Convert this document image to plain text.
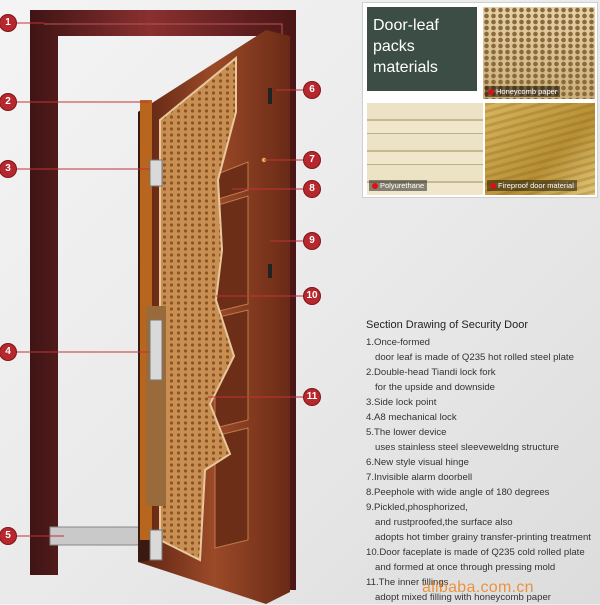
1
2
3
4
5
6
7
8
9
10
11
Door-leaf packs
materials
Honeycomb paper
Polyurethane	Fireproof door material
Section Drawing of Security Door
1.Once-formed
door leaf is made of Q235 hot rolled steel plate
2.Double-head Tiandi lock fork
for the upside and downside
3.Side lock point
4.A8 mechanical lock
5.The lower device
uses stainless steel sleeveweldng structure
6.New style visual hinge
7.Invisible alarm doorbell
8.Peephole with wide angle of 180 degrees
9.Pickled,phosphorized,
and rustproofed,the surface also
adopts hot timber grainy transfer-printing treatment
10.Door faceplate is made of Q235 cold rolled plate
and formed at once through pressing mold
11.The inner fillings
adopt mixed filling with honeycomb paper
alibaba.com.cn
